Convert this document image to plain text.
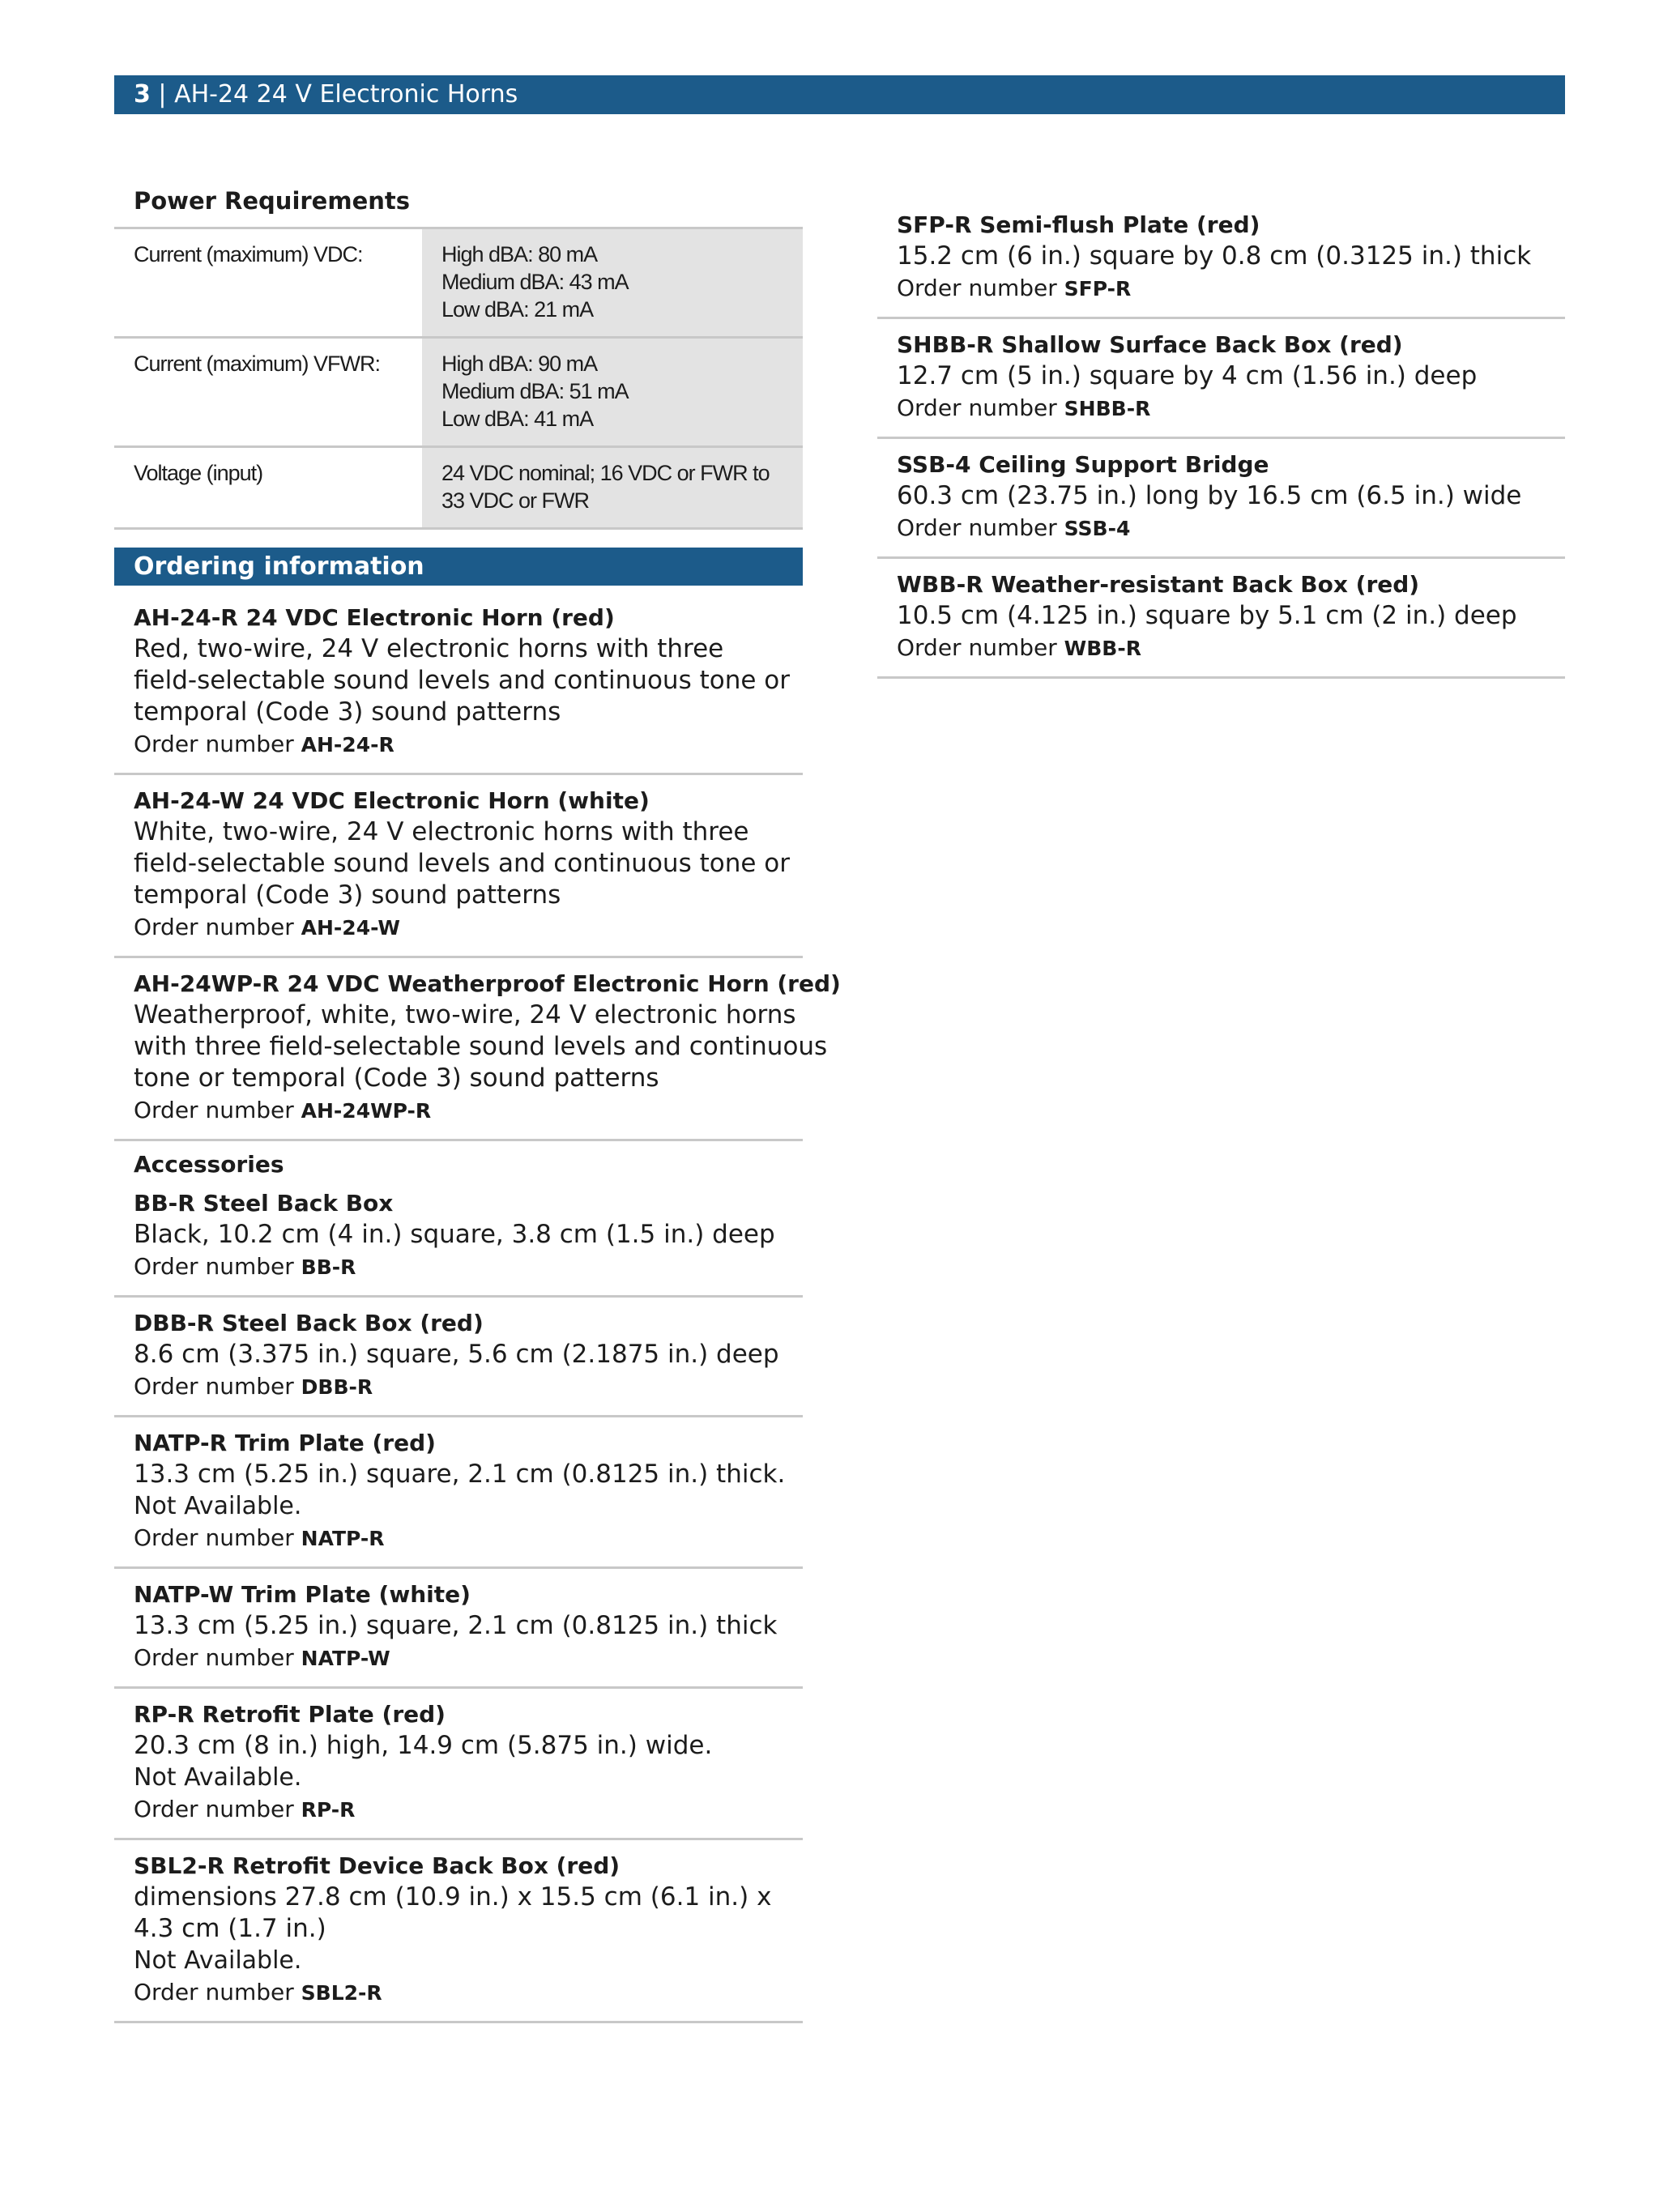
3 | AH-24 24 V Electronic Horns
Power Requirements
Current (maximum) VDC:	High dBA: 80 mA
Medium dBA: 43 mA
Low dBA: 21 mA

Current (maximum) VFWR:	High dBA: 90 mA
Medium dBA: 51 mA
Low dBA: 41 mA

Voltage (input)	24 VDC nominal; 16 VDC or FWR to
33 VDC or FWR
Ordering information
AH-24-R 24 VDC Electronic Horn (red)
Red, two-wire, 24 V electronic horns with three
field-selectable sound levels and continuous tone or
temporal (Code 3) sound patterns
Order number AH-24-R
AH-24-W 24 VDC Electronic Horn (white)
White, two-wire, 24 V electronic horns with three
field-selectable sound levels and continuous tone or
temporal (Code 3) sound patterns
Order number AH-24-W
AH-24WP-R 24 VDC Weatherproof Electronic Horn (red)
Weatherproof, white, two-wire, 24 V electronic horns
with three field-selectable sound levels and continuous
tone or temporal (Code 3) sound patterns
Order number AH-24WP-R
Accessories
BB-R Steel Back Box
Black, 10.2 cm (4 in.) square, 3.8 cm (1.5 in.) deep
Order number BB-R
DBB-R Steel Back Box (red)
8.6 cm (3.375 in.) square, 5.6 cm (2.1875 in.) deep
Order number DBB-R
NATP-R Trim Plate (red)
13.3 cm (5.25 in.) square, 2.1 cm (0.8125 in.) thick.
Not Available.
Order number NATP-R
NATP-W Trim Plate (white)
13.3 cm (5.25 in.) square, 2.1 cm (0.8125 in.) thick
Order number NATP-W
RP-R Retrofit Plate (red)
20.3 cm (8 in.) high, 14.9 cm (5.875 in.) wide.
Not Available.
Order number RP-R
SBL2-R Retrofit Device Back Box (red)
dimensions 27.8 cm (10.9 in.) x 15.5 cm (6.1 in.) x
4.3 cm (1.7 in.)
Not Available.
Order number SBL2-R
SFP-R Semi-flush Plate (red)
15.2 cm (6 in.) square by 0.8 cm (0.3125 in.) thick
Order number SFP-R
SHBB-R Shallow Surface Back Box (red)
12.7 cm (5 in.) square by 4 cm (1.56 in.) deep
Order number SHBB-R
SSB-4 Ceiling Support Bridge
60.3 cm (23.75 in.) long by 16.5 cm (6.5 in.) wide
Order number SSB-4
WBB-R Weather-resistant Back Box (red)
10.5 cm (4.125 in.) square by 5.1 cm (2 in.) deep
Order number WBB-R
